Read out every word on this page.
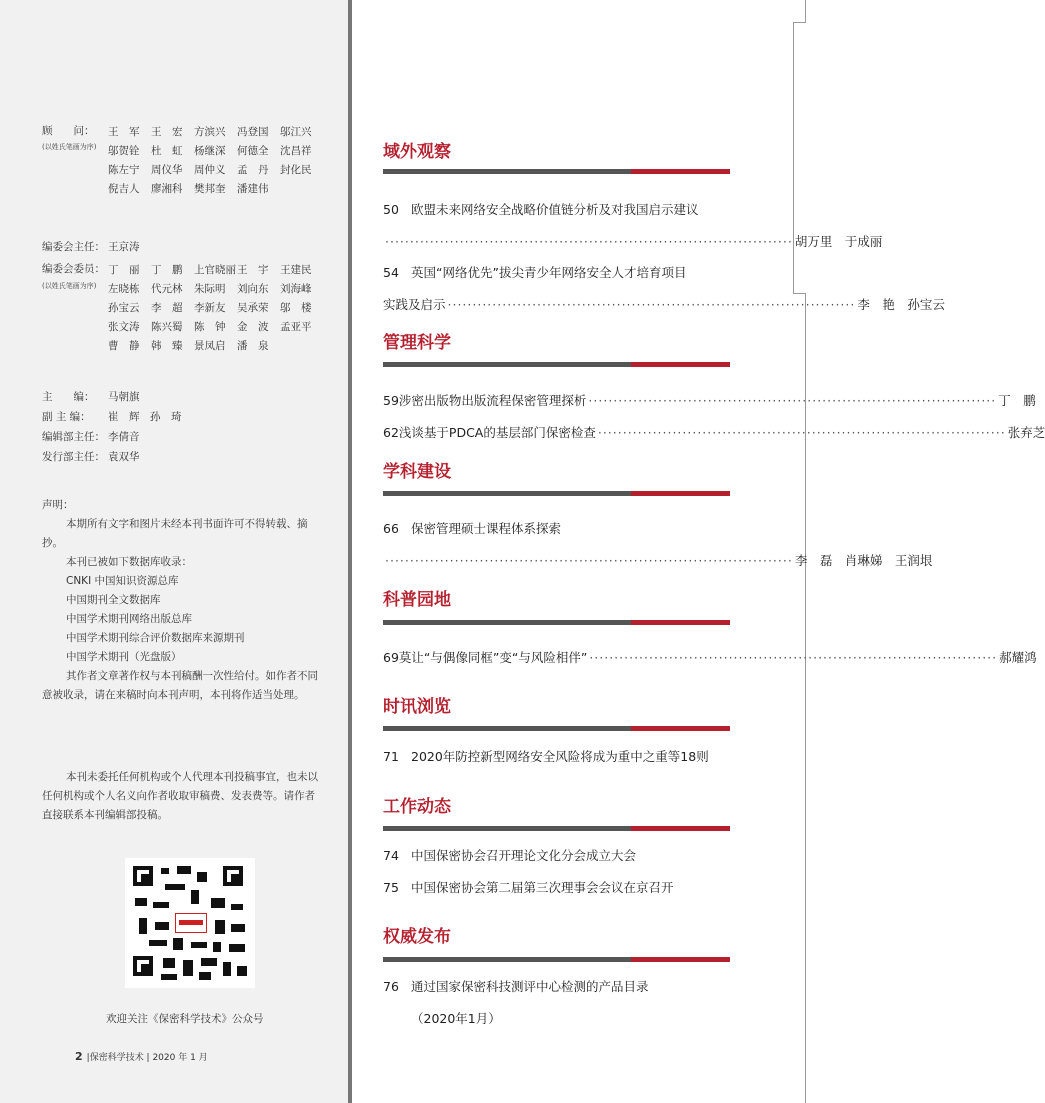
顾　　问：
(以姓氏笔画为序)
王　军	王　宏	方滨兴	冯登国	邬江兴
邬贺铨	杜　虹	杨继深	何德全	沈昌祥
陈左宁	周仪华	周仲义	孟　丹	封化民
倪吉人	廖湘科	樊邦奎	潘建伟
编委会主任： 王京涛
编委会委员：
(以姓氏笔画为序)
丁　丽	丁　鹏	上官晓丽 王　宇	王建民
左晓栋	代元林	朱际明	刘向东	刘海峰
孙宝云	李　超	李新友	吴承荣	邬　楼
张文涛	陈兴蜀	陈　钟	金　波	孟亚平
曹　静	韩　臻	景凤启	潘　泉
主　　编： 马朝旗
副 主 编： 崔　辉　孙　琦
编辑部主任： 李倩音
发行部主任： 袁双华

声明：

本期所有文字和图片未经本刊书面许可不得转载、摘抄。

本刊已被如下数据库收录：

CNKI 中国知识资源总库

中国期刊全文数据库

中国学术期刊网络出版总库

中国学术期刊综合评价数据库来源期刊

中国学术期刊（光盘版）

其作者文章著作权与本刊稿酬一次性给付。如作者不同意被收录，请在来稿时向本刊声明，本刊将作适当处理。

本刊未委托任何机构或个人代理本刊投稿事宜，也未以任何机构或个人名义向作者收取审稿费、发表费等。请作者直接联系本刊编辑部投稿。

欢迎关注《保密科学技术》公众号
2 |保密科学技术 | 2020 年 1 月
域外观察
50 欧盟未来网络安全战略价值链分析及对我国启示建议
·················································································· 胡万里　于成丽
54 英国“网络优先”拔尖青少年网络安全人才培育项目
实践及启示 ·················································································· 李　艳　孙宝云
管理科学
59 涉密出版物出版流程保密管理探析 ·················································································· 丁　鹏
62 浅谈基于PDCA的基层部门保密检查 ·················································································· 张弃芝
学科建设
66 保密管理硕士课程体系探索
·················································································· 李　磊　肖琳娣　王润垠
科普园地
69 莫让“与偶像同框”变“与风险相伴” ·················································································· 郝耀鸿
时讯浏览
71 2020年防控新型网络安全风险将成为重中之重等18则
工作动态
74 中国保密协会召开理论文化分会成立大会
75 中国保密协会第二届第三次理事会会议在京召开
权威发布
76 通过国家保密科技测评中心检测的产品目录
（2020年1月）
